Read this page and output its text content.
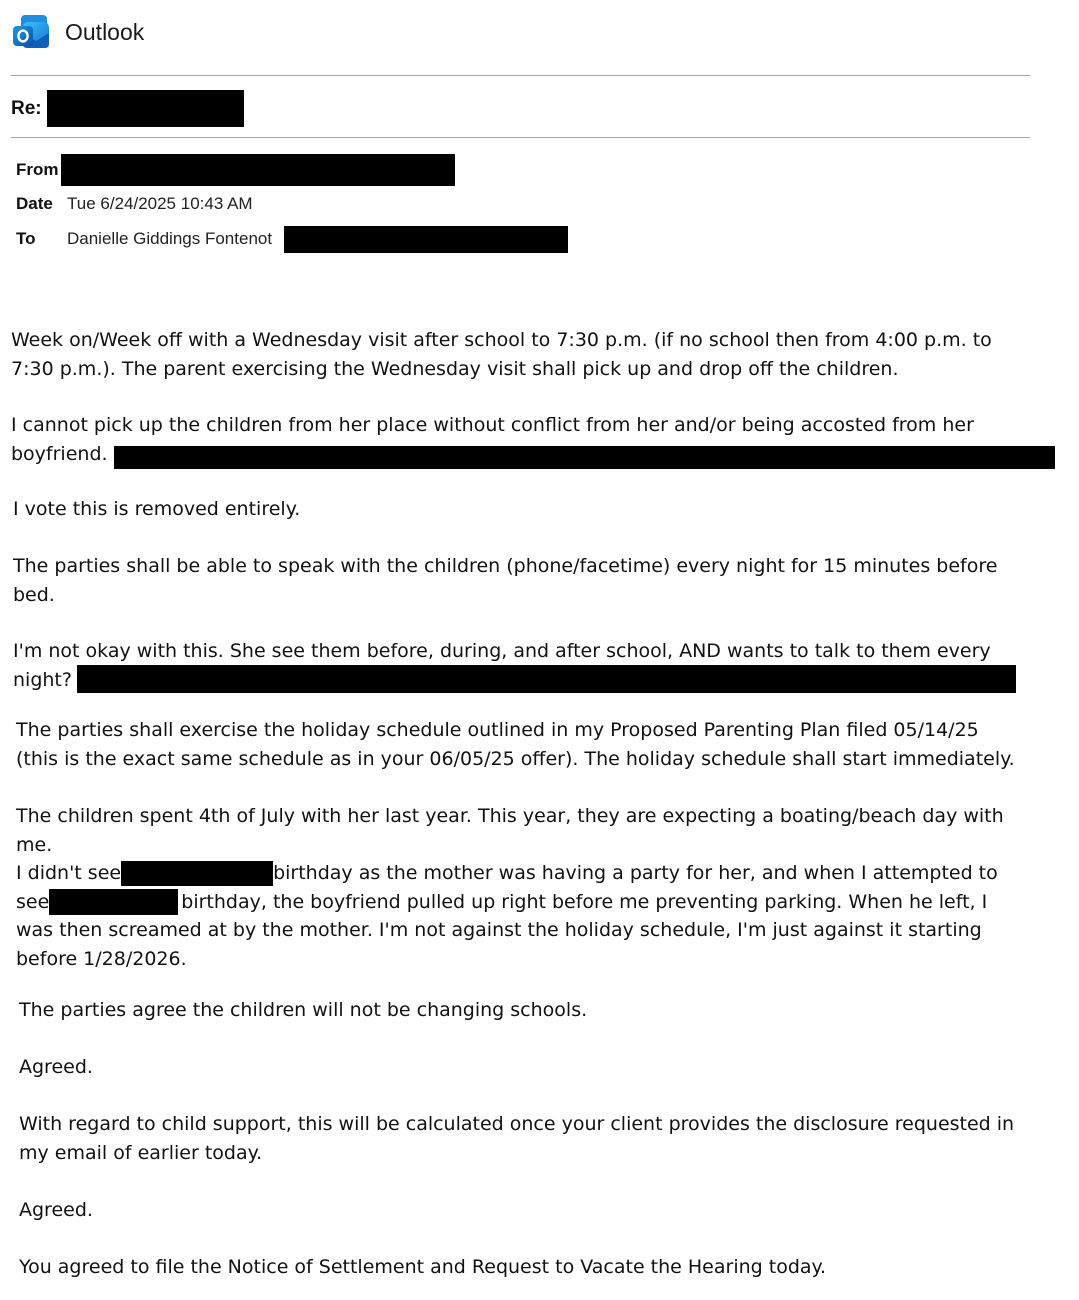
Outlook
Re:
From
Date Tue 6/24/2025 10:43 AM
To	Danielle Giddings Fontenot

Week on/Week off with a Wednesday visit after school to 7:30 p.m. (if no school then from 4:00 p.m. to
7:30 p.m.). The parent exercising the Wednesday visit shall pick up and drop off the children.

I cannot pick up the children from her place without conflict from her and/or being accosted from her
boyfriend.

I vote this is removed entirely.

The parties shall be able to speak with the children (phone/facetime) every night for 15 minutes before
bed.

I'm not okay with this. She see them before, during, and after school, AND wants to talk to them every
night?

The parties shall exercise the holiday schedule outlined in my Proposed Parenting Plan filed 05/14/25
(this is the exact same schedule as in your 06/05/25 offer). The holiday schedule shall start immediately.

The children spent 4th of July with her last year. This year, they are expecting a boating/beach day with
me.
I didn't see	birthday as the mother was having a party for her, and when I attempted to
see	birthday, the boyfriend pulled up right before me preventing parking. When he left, I
was then screamed at by the mother. I'm not against the holiday schedule, I'm just against it starting
before 1/28/2026.

The parties agree the children will not be changing schools.

Agreed.

With regard to child support, this will be calculated once your client provides the disclosure requested in
my email of earlier today.

Agreed.

You agreed to file the Notice of Settlement and Request to Vacate the Hearing today.
